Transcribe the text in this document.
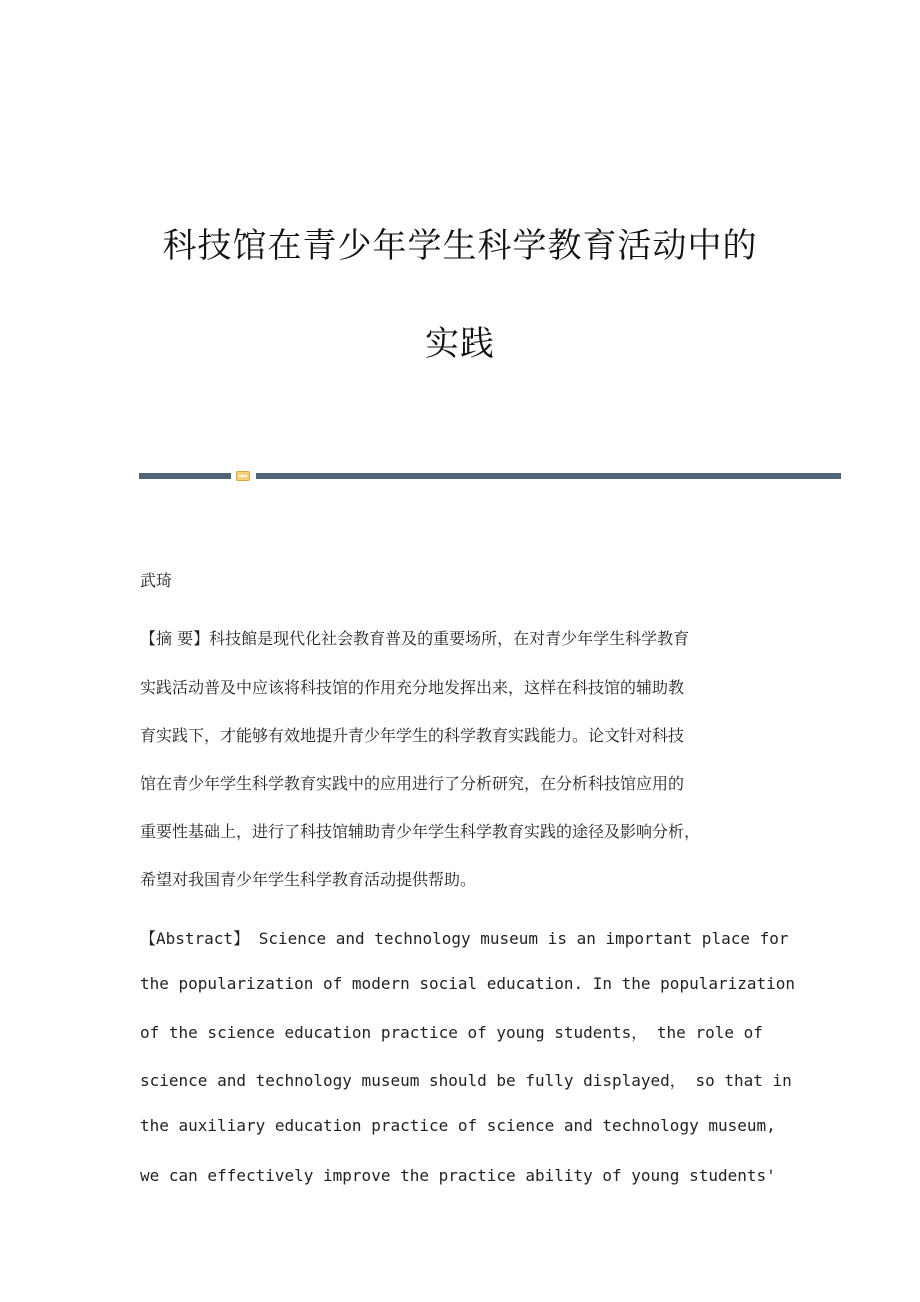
科技馆在青少年学生科学教育活动中的
实践
武琦
【摘 要】科技館是现代化社会教育普及的重要场所，在对青少年学生科学教育
实践活动普及中应该将科技馆的作用充分地发挥出来，这样在科技馆的辅助教
育实践下，才能够有效地提升青少年学生的科学教育实践能力。论文针对科技
馆在青少年学生科学教育实践中的应用进行了分析研究，在分析科技馆应用的
重要性基础上，进行了科技馆辅助青少年学生科学教育实践的途径及影响分析，
希望对我国青少年学生科学教育活动提供帮助。
【Abstract】 Science and technology museum is an important place for
the popularization of modern social education. In the popularization
of the science education practice of young students， the role of
science and technology museum should be fully displayed， so that in
the auxiliary education practice of science and technology museum,
we can effectively improve the practice ability of young students'
